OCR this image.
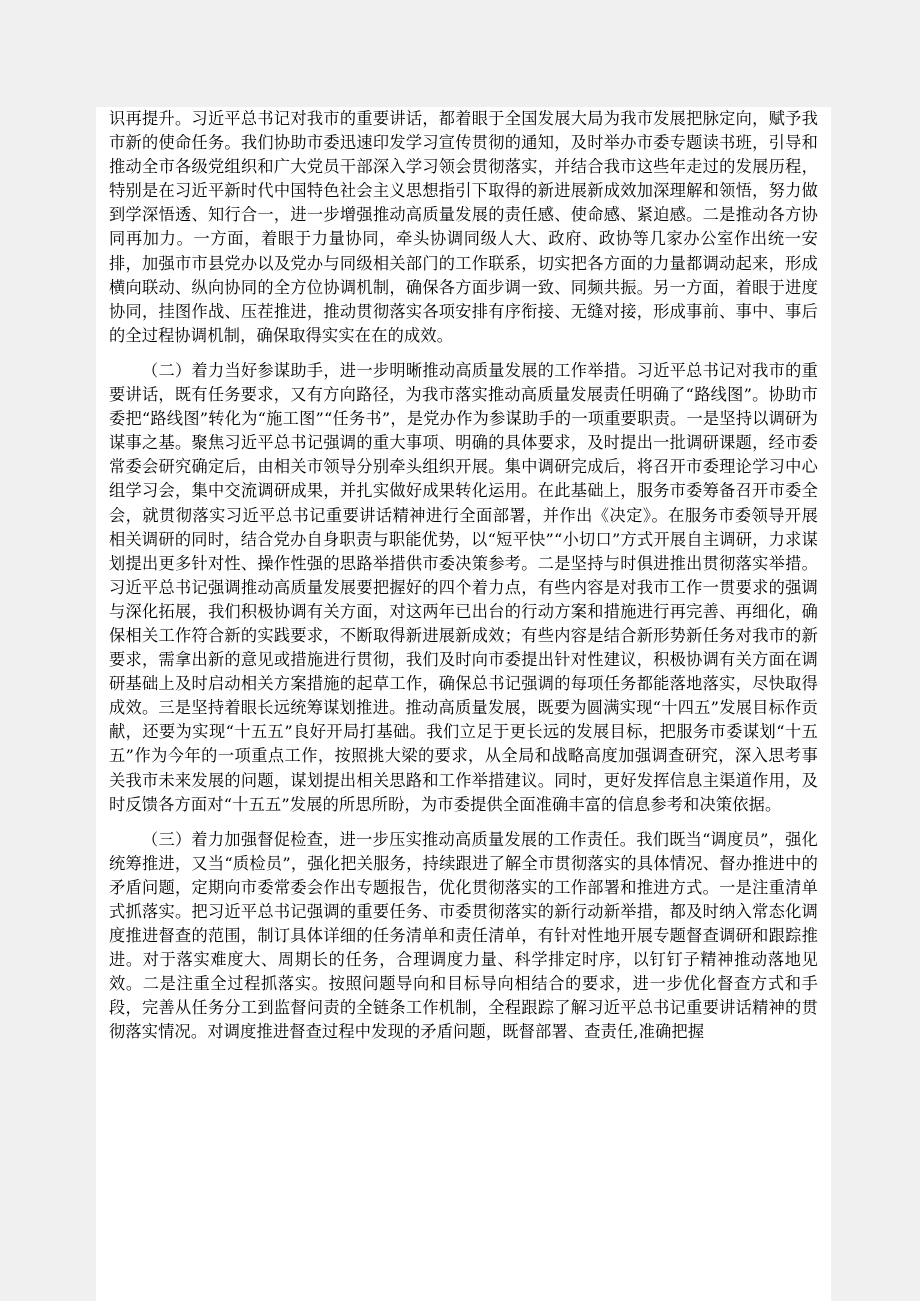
识再提升。习近平总书记对我市的重要讲话，都着眼于全国发展大局为我市发展把脉定向，赋予我市新的使命任务。我们协助市委迅速印发学习宣传贯彻的通知，及时举办市委专题读书班，引导和推动全市各级党组织和广大党员干部深入学习领会贯彻落实，并结合我市这些年走过的发展历程，特别是在习近平新时代中国特色社会主义思想指引下取得的新进展新成效加深理解和领悟，努力做到学深悟透、知行合一，进一步增强推动高质量发展的责任感、使命感、紧迫感。二是推动各方协同再加力。一方面，着眼于力量协同，牵头协调同级人大、政府、政协等几家办公室作出统一安排，加强市市县党办以及党办与同级相关部门的工作联系，切实把各方面的力量都调动起来，形成横向联动、纵向协同的全方位协调机制，确保各方面步调一致、同频共振。另一方面，着眼于进度协同，挂图作战、压茬推进，推动贯彻落实各项安排有序衔接、无缝对接，形成事前、事中、事后的全过程协调机制，确保取得实实在在的成效。

（二）着力当好参谋助手，进一步明晰推动高质量发展的工作举措。习近平总书记对我市的重要讲话，既有任务要求，又有方向路径，为我市落实推动高质量发展责任明确了“路线图”。协助市委把“路线图”转化为“施工图”“任务书”，是党办作为参谋助手的一项重要职责。一是坚持以调研为谋事之基。聚焦习近平总书记强调的重大事项、明确的具体要求，及时提出一批调研课题，经市委常委会研究确定后，由相关市领导分别牵头组织开展。集中调研完成后，将召开市委理论学习中心组学习会，集中交流调研成果，并扎实做好成果转化运用。在此基础上，服务市委筹备召开市委全会，就贯彻落实习近平总书记重要讲话精神进行全面部署，并作出《决定》。在服务市委领导开展相关调研的同时，结合党办自身职责与职能优势，以“短平快”“小切口”方式开展自主调研，力求谋划提出更多针对性、操作性强的思路举措供市委决策参考。二是坚持与时俱进推出贯彻落实举措。习近平总书记强调推动高质量发展要把握好的四个着力点，有些内容是对我市工作一贯要求的强调与深化拓展，我们积极协调有关方面，对这两年已出台的行动方案和措施进行再完善、再细化，确保相关工作符合新的实践要求，不断取得新进展新成效；有些内容是结合新形势新任务对我市的新要求，需拿出新的意见或措施进行贯彻，我们及时向市委提出针对性建议，积极协调有关方面在调研基础上及时启动相关方案措施的起草工作，确保总书记强调的每项任务都能落地落实，尽快取得成效。三是坚持着眼长远统筹谋划推进。推动高质量发展，既要为圆满实现“十四五”发展目标作贡献，还要为实现“十五五”良好开局打基础。我们立足于更长远的发展目标，把服务市委谋划“十五五”作为今年的一项重点工作，按照挑大梁的要求，从全局和战略高度加强调查研究，深入思考事关我市未来发展的问题，谋划提出相关思路和工作举措建议。同时，更好发挥信息主渠道作用，及时反馈各方面对“十五五”发展的所思所盼，为市委提供全面准确丰富的信息参考和决策依据。

（三）着力加强督促检查，进一步压实推动高质量发展的工作责任。我们既当“调度员”，强化统筹推进，又当“质检员”，强化把关服务，持续跟进了解全市贯彻落实的具体情况、督办推进中的矛盾问题，定期向市委常委会作出专题报告，优化贯彻落实的工作部署和推进方式。一是注重清单式抓落实。把习近平总书记强调的重要任务、市委贯彻落实的新行动新举措，都及时纳入常态化调度推进督查的范围，制订具体详细的任务清单和责任清单，有针对性地开展专题督查调研和跟踪推进。对于落实难度大、周期长的任务，合理调度力量、科学排定时序，以钉钉子精神推动落地见效。二是注重全过程抓落实。按照问题导向和目标导向相结合的要求，进一步优化督查方式和手段，完善从任务分工到监督问责的全链条工作机制，全程跟踪了解习近平总书记重要讲话精神的贯彻落实情况。对调度推进督查过程中发现的矛盾问题，既督部署、查责任,准确把握
